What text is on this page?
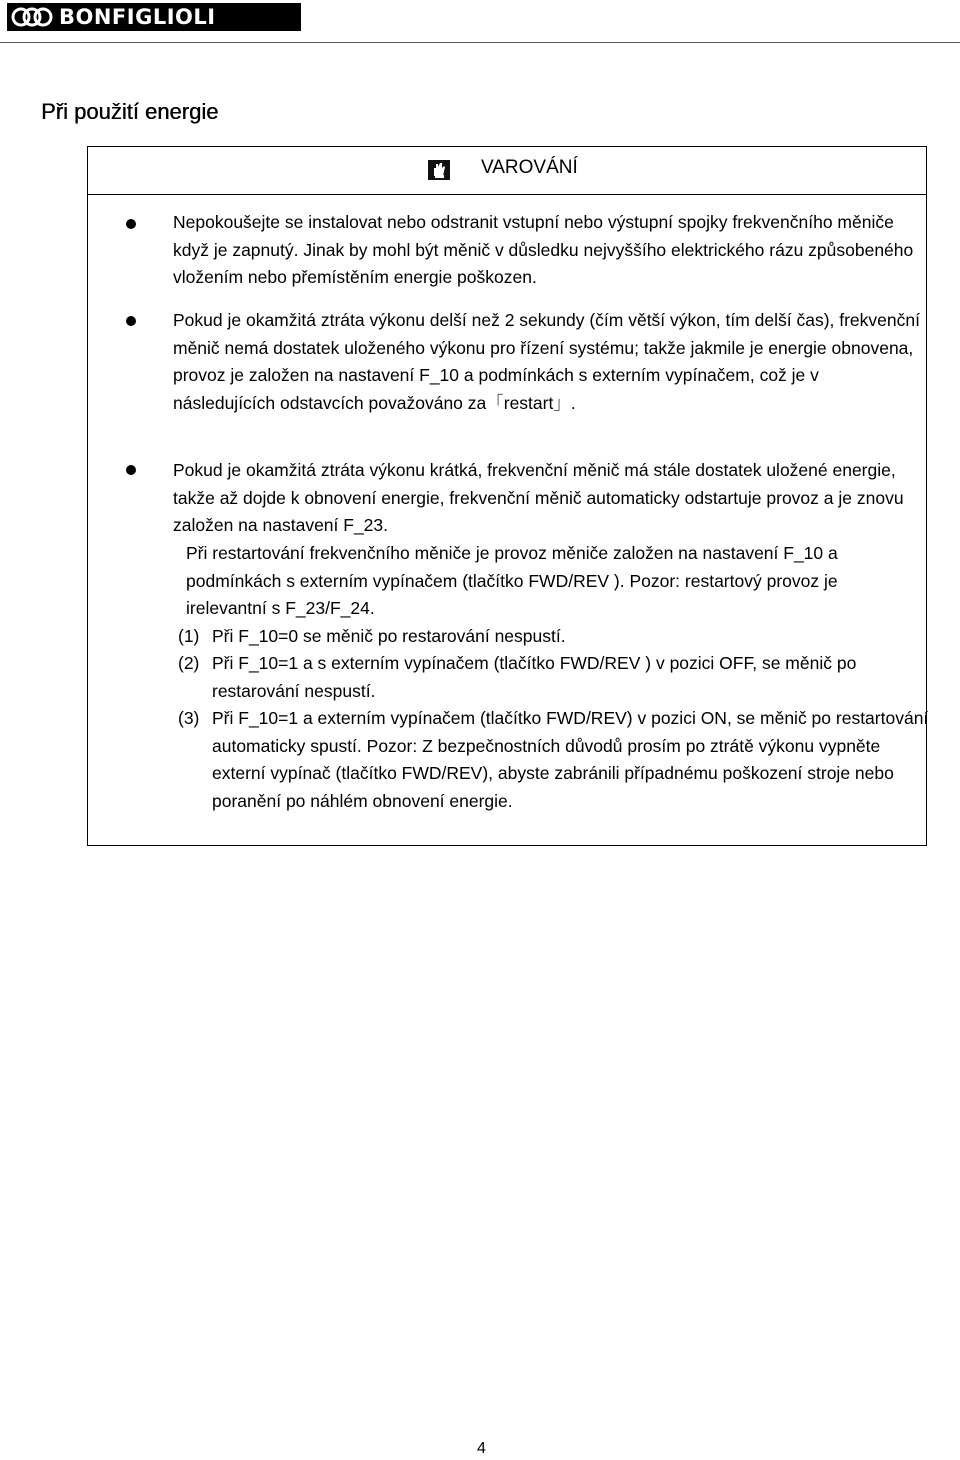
BONFIGLIOLI
Při použití energie
VAROVÁNÍ
Nepokoušejte se instalovat nebo odstranit vstupní nebo výstupní spojky frekvenčního měniče když je zapnutý. Jinak by mohl být měnič v důsledku nejvyššího elektrického rázu způsobeného vložením nebo přemístěním energie poškozen.
Pokud je okamžitá ztráta výkonu delší než 2 sekundy (čím větší výkon, tím delší čas), frekvenční měnič nemá dostatek uloženého výkonu pro řízení systému; takže jakmile je energie obnovena, provoz je založen na nastavení F_10 a podmínkách s externím vypínačem, což je v následujících odstavcích považováno za「restart」.
Pokud je okamžitá ztráta výkonu krátká, frekvenční měnič má stále dostatek uložené energie, takže až dojde k obnovení energie, frekvenční měnič automaticky odstartuje provoz a je znovu založen na nastavení F_23.
Při restartování frekvenčního měniče je provoz měniče založen na nastavení F_10 a podmínkách s externím vypínačem (tlačítko FWD/REV ). Pozor: restartový provoz je irelevantní s F_23/F_24.
(1) Při F_10=0 se měnič po restarování nespustí.
(2) Při F_10=1 a s externím vypínačem (tlačítko FWD/REV ) v pozici OFF, se měnič po restarování nespustí.
(3) Při F_10=1 a externím vypínačem (tlačítko FWD/REV) v pozici ON, se měnič po restartování automaticky spustí. Pozor: Z bezpečnostních důvodů prosím po ztrátě výkonu vypněte externí vypínač (tlačítko FWD/REV), abyste zabránili případnému poškození stroje nebo poranění po náhlém obnovení energie.
4
